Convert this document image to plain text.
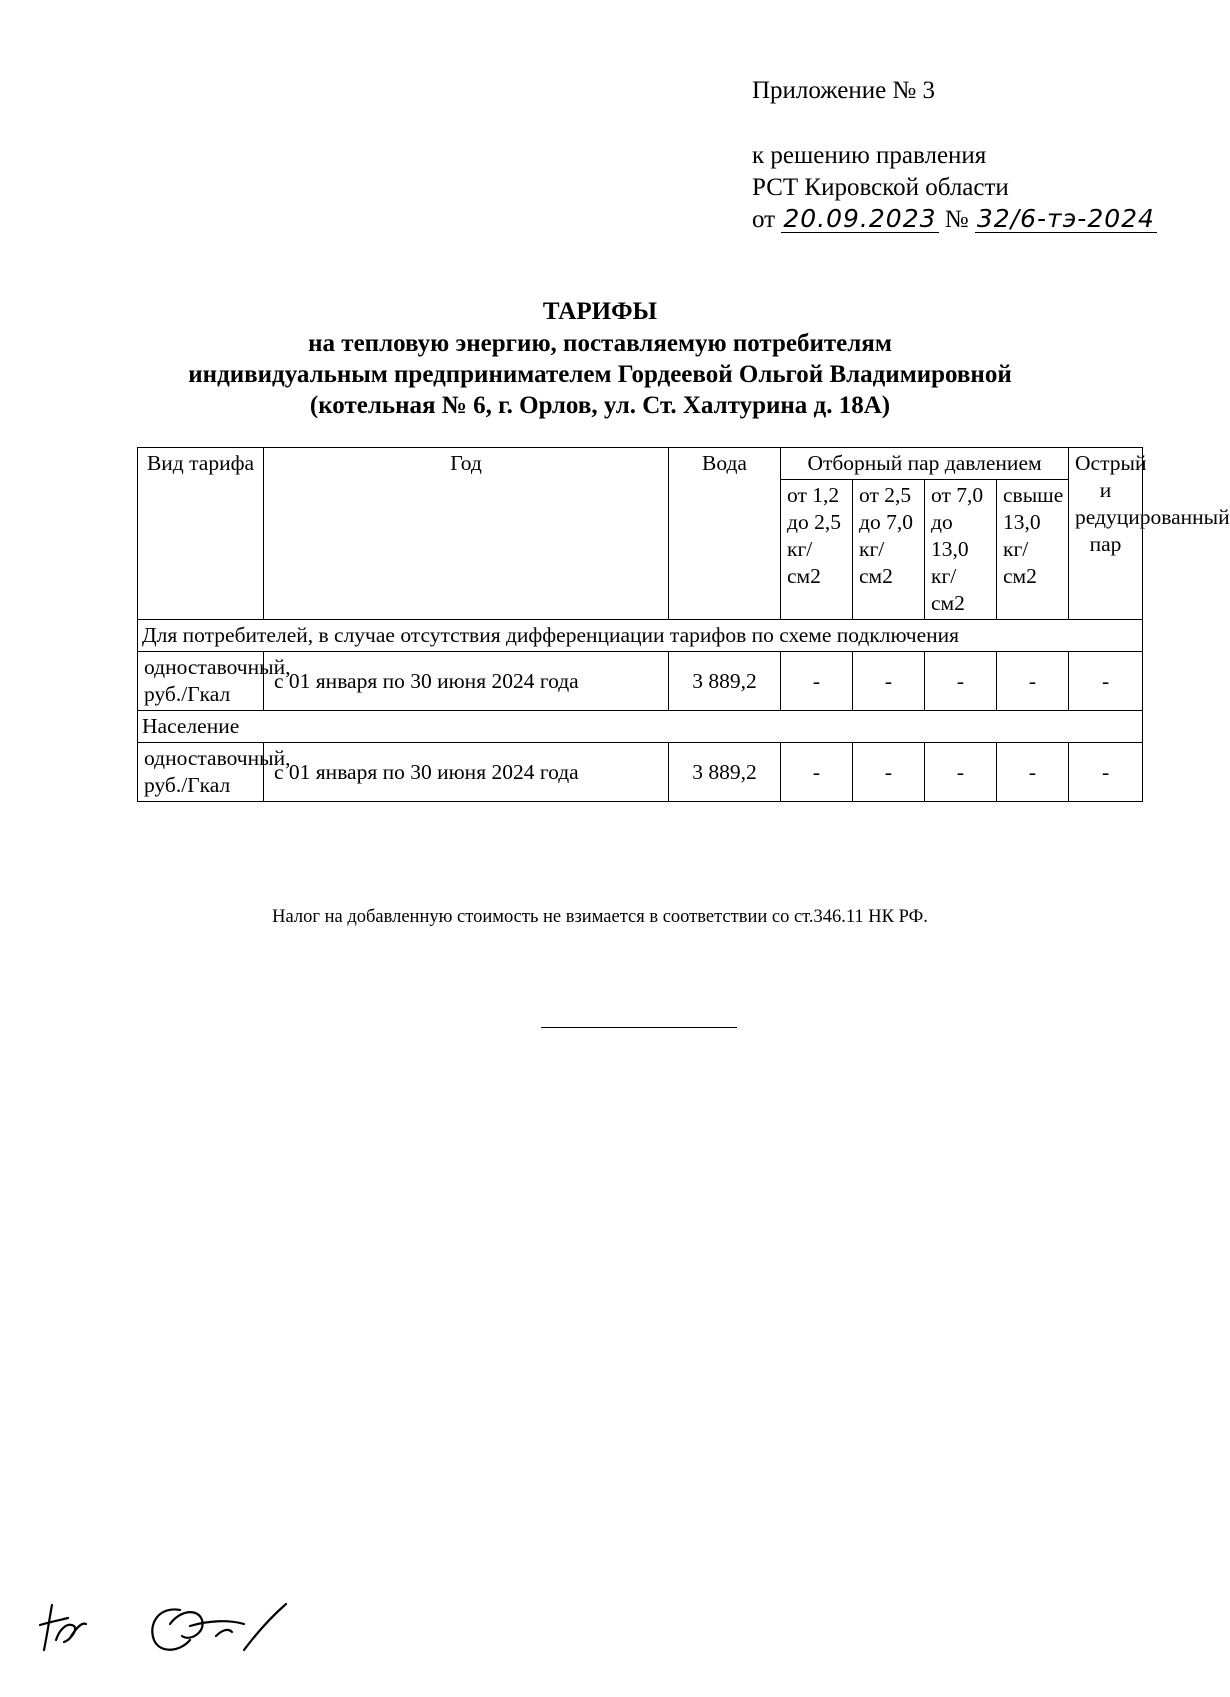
Приложение № 3
к решению правления
РСТ Кировской области
от 20.09.2023 № 32/6-тэ-2024
ТАРИФЫ
на тепловую энергию, поставляемую потребителям
индивидуальным предпринимателем Гордеевой Ольгой Владимировной
(котельная № 6, г. Орлов, ул. Ст. Халтурина д. 18А)
Вид тарифа	Год	Вода	Отборный пар давлением				Острый и редуцированный пар
			от 1,2 до 2,5 кг/см2	от 2,5 до 7,0 кг/см2	от 7,0 до 13,0 кг/см2	свыше 13,0 кг/см2	
Для потребителей, в случае отсутствия дифференциации тарифов по схеме подключения							
одноставочный, руб./Гкал	с 01 января по 30 июня 2024 года	3 889,2	-	-	-	-	-
Население							
одноставочный, руб./Гкал	с 01 января по 30 июня 2024 года	3 889,2	-	-	-	-	-
Налог на добавленную стоимость не взимается в соответствии со ст.346.11 НК РФ.
